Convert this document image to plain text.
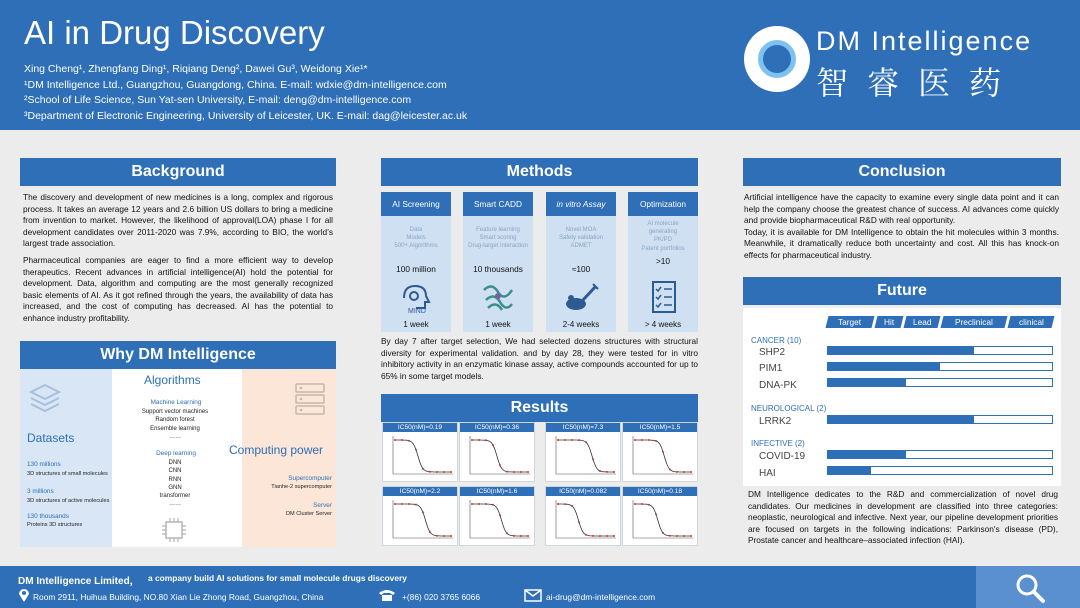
AI in Drug Discovery
Xing Cheng¹, Zhengfang Ding¹, Riqiang Deng², Dawei Gu³, Weidong Xie¹*
¹DM Intelligence Ltd., Guangzhou, Guangdong, China. E-mail: wdxie@dm-intelligence.com
²School of Life Science, Sun Yat-sen University, E-mail: deng@dm-intelligence.com
³Department of Electronic Engineering, University of Leicester, UK. E-mail: dag@leicester.ac.uk
DM Intelligence
智睿医药
Background

The discovery and development of new medicines is a long, complex and rigorous process. It takes an average 12 years and 2.6 billion US dollars to bring a medicine from invention to market. However, the likelihood of approval(LOA) phase I for all development candidates over 2011-2020 was 7.9%, according to BIO, the world’s largest trade association.

Pharmaceutical companies are eager to find a more efficient way to develop therapeutics. Recent advances in artificial intelligence(AI) hold the potential for development. Data, algorithm and computing are the most generally recognized basic elements of AI. As it got refined through the years, the availability of data has increased, and the cost of computing has decreased. AI has the potential to enhance industry profitability.

Why DM Intelligence
Datasets
130 millions
3D structures of small molecules
3 millions
3D structures of active molecules
130 thousands
Proteins 3D structures
Algorithms
Machine Learning
Support vector machines
Random forest
Ensemble learning
……
Deep learning
DNN
CNN
RNN
GNN
transformer
……
Computing power
Supercomputer
Tianhe-2 supercomputer
Server
DM Cluster Server
Methods
AI Screening
Data
Models
500+ Algorithms
100 million
MIND
1 week
Smart CADD
Feature learning
Smart scoring
Drug-target interaction
10 thousands
1 week
in vitro Assay
Novel MOA
Safety validation
ADMET
≈100
2-4 weeks
Optimization
AI molecule
generating
PK/PD
Patent portfolios
>10
> 4 weeks
By day 7 after target selection, We had selected dozens structures with structural diversity for experimental validation. and by day 28, they were tested for in vitro inhibitory activity in an enzymatic kinase assay, active compounds accounted for up to 65% in some target models.
Results
IC50(nM)=0.19	IC50(nM)=0.36	IC50(nM)=7.3	IC50(nM)=1.5
IC50(nM)=2.2	IC50(nM)=1.6	IC50(nM)=0.082	IC50(nM)=0.18
Conclusion
Artificial intelligence have the capacity to examine every single data point and it can help the company choose the greatest chance of success. AI advances come quickly and provide biopharmaceutical R&D with real opportunity.
Today, it is available for DM Intelligence to obtain the hit molecules within 3 months. Meanwhile, it dramatically reduce both uncertainty and cost. All this has knock-on effects for pharmaceutical industry.
Future
Target	Hit	Lead	Preclinical	clinical
CANCER (10)
SHP2
PIM1
DNA-PK
NEUROLOGICAL (2)
LRRK2
INFECTIVE (2)
COVID-19
HAI
DM Intelligence dedicates to the R&D and commercialization of novel drug candidates. Our medicines in development are classified into three categories: neoplastic, neurological and infective. Next year, our pipeline development priorities are focused on targets in the following indications: Parkinson's disease (PD), Prostate cancer and healthcare–associated infection (HAI).
DM Intelligence Limited， a company build AI solutions for small molecule drugs discovery
Room 2911, Huihua Building, NO.80 Xian Lie Zhong Road, Guangzhou, China	+(86) 020 3765 6066	ai-drug@dm-intelligence.com
